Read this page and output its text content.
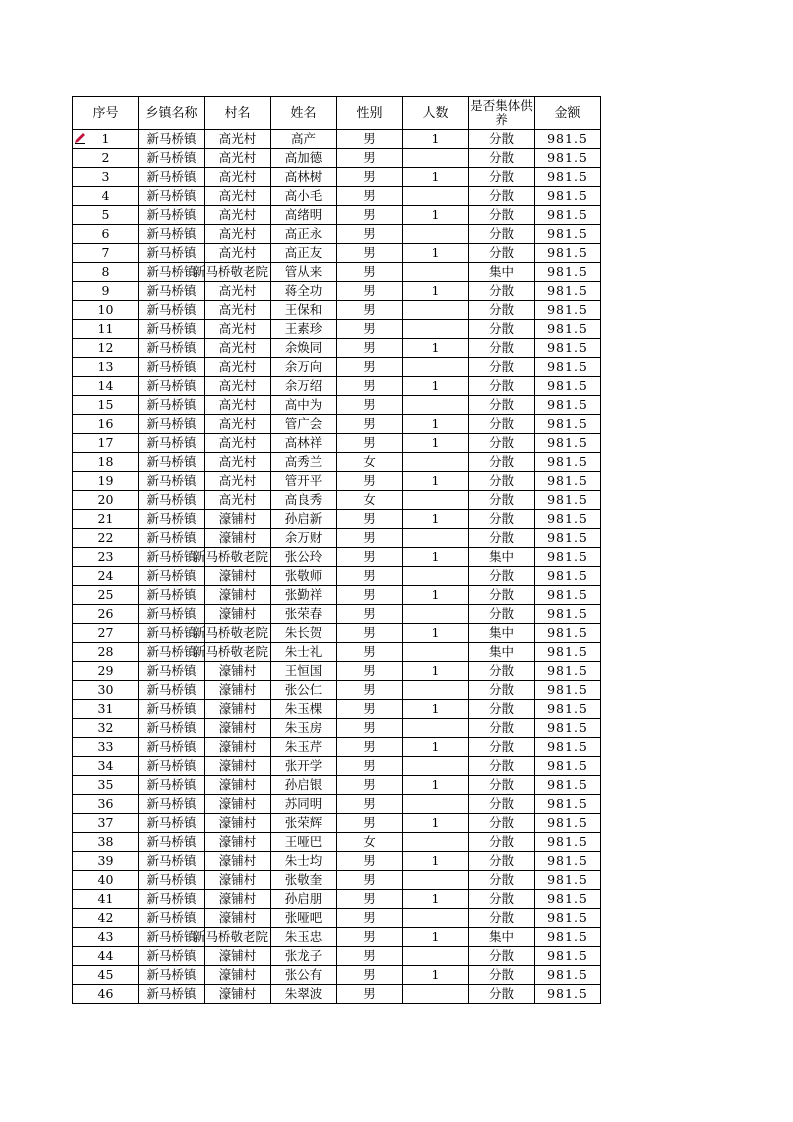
序号	乡镇名称	村名	姓名	性别	人数	是否集体供养	金额

1	新马桥镇	高光村	高产	男	1	分散	981.5
2	新马桥镇	高光村	高加德	男		分散	981.5
3	新马桥镇	高光村	高林树	男	1	分散	981.5
4	新马桥镇	高光村	高小毛	男		分散	981.5
5	新马桥镇	高光村	高绪明	男	1	分散	981.5
6	新马桥镇	高光村	高正永	男		分散	981.5
7	新马桥镇	高光村	高正友	男	1	分散	981.5
8	新马桥镇	新马桥敬老院	管从来	男		集中	981.5
9	新马桥镇	高光村	蒋全功	男	1	分散	981.5
10	新马桥镇	高光村	王保和	男		分散	981.5
11	新马桥镇	高光村	王素珍	男		分散	981.5
12	新马桥镇	高光村	余焕同	男	1	分散	981.5
13	新马桥镇	高光村	余万向	男		分散	981.5
14	新马桥镇	高光村	余万绍	男	1	分散	981.5
15	新马桥镇	高光村	高中为	男		分散	981.5
16	新马桥镇	高光村	管广会	男	1	分散	981.5
17	新马桥镇	高光村	高林祥	男	1	分散	981.5
18	新马桥镇	高光村	高秀兰	女		分散	981.5
19	新马桥镇	高光村	管开平	男	1	分散	981.5
20	新马桥镇	高光村	高良秀	女		分散	981.5
21	新马桥镇	濠铺村	孙启新	男	1	分散	981.5
22	新马桥镇	濠铺村	余万财	男		分散	981.5
23	新马桥镇	新马桥敬老院	张公玲	男	1	集中	981.5
24	新马桥镇	濠铺村	张敬师	男		分散	981.5
25	新马桥镇	濠铺村	张勤祥	男	1	分散	981.5
26	新马桥镇	濠铺村	张荣春	男		分散	981.5
27	新马桥镇	新马桥敬老院	朱长贺	男	1	集中	981.5
28	新马桥镇	新马桥敬老院	朱士礼	男		集中	981.5
29	新马桥镇	濠铺村	王恒国	男	1	分散	981.5
30	新马桥镇	濠铺村	张公仁	男		分散	981.5
31	新马桥镇	濠铺村	朱玉棵	男	1	分散	981.5
32	新马桥镇	濠铺村	朱玉房	男		分散	981.5
33	新马桥镇	濠铺村	朱玉芹	男	1	分散	981.5
34	新马桥镇	濠铺村	张开学	男		分散	981.5
35	新马桥镇	濠铺村	孙启银	男	1	分散	981.5
36	新马桥镇	濠铺村	苏同明	男		分散	981.5
37	新马桥镇	濠铺村	张荣辉	男	1	分散	981.5
38	新马桥镇	濠铺村	王哑巴	女		分散	981.5
39	新马桥镇	濠铺村	朱士均	男	1	分散	981.5
40	新马桥镇	濠铺村	张敬奎	男		分散	981.5
41	新马桥镇	濠铺村	孙启朋	男	1	分散	981.5
42	新马桥镇	濠铺村	张哑吧	男		分散	981.5
43	新马桥镇	新马桥敬老院	朱玉忠	男	1	集中	981.5
44	新马桥镇	濠铺村	张龙子	男		分散	981.5
45	新马桥镇	濠铺村	张公有	男	1	分散	981.5
46	新马桥镇	濠铺村	朱翠波	男		分散	981.5
